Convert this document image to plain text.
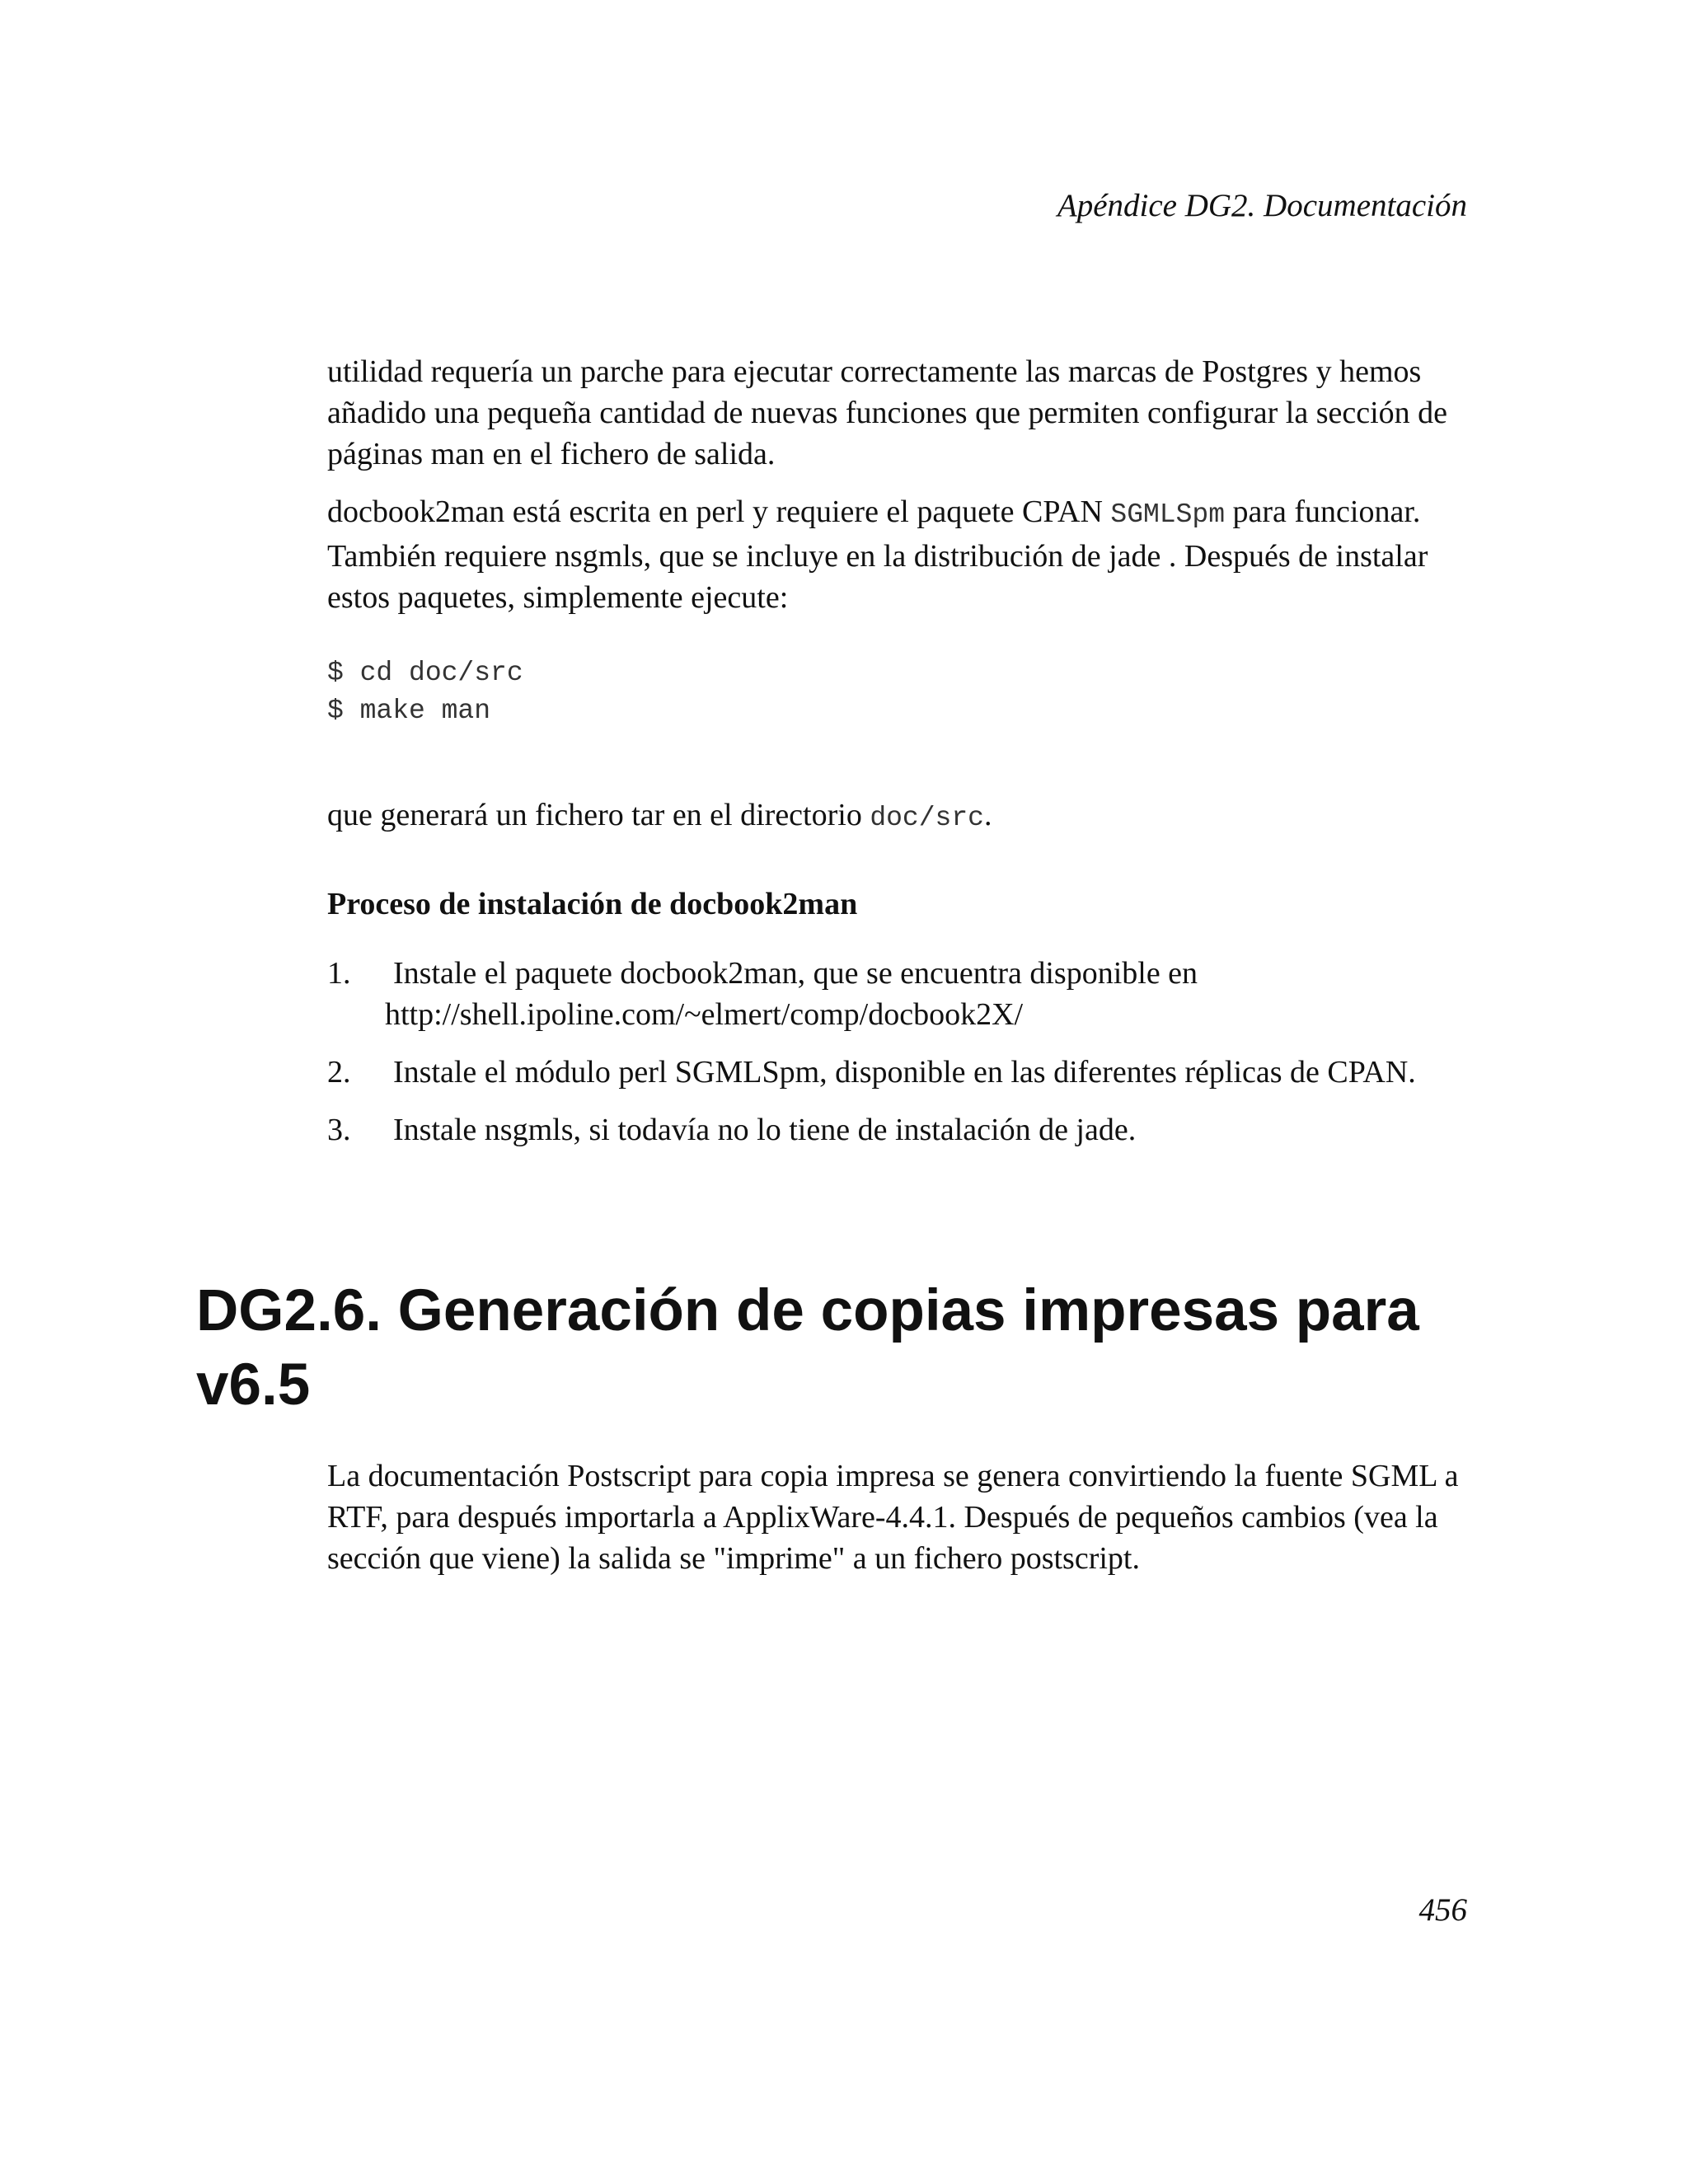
Apéndice DG2. Documentación

utilidad requería un parche para ejecutar correctamente las marcas de Postgres y hemos añadido una pequeña cantidad de nuevas funciones que permiten configurar la sección de páginas man en el fichero de salida.

docbook2man está escrita en perl y requiere el paquete CPAN SGMLSpm para funcionar. También requiere nsgmls, que se incluye en la distribución de jade . Después de instalar estos paquetes, simplemente ejecute:

$ cd doc/src
$ make man

que generará un fichero tar en el directorio doc/src.

Proceso de instalación de docbook2man
1. Instale el paquete docbook2man, que se encuentra disponible en
http://shell.ipoline.com/~elmert/comp/docbook2X/
2. Instale el módulo perl SGMLSpm, disponible en las diferentes réplicas de CPAN.
3. Instale nsgmls, si todavía no lo tiene de instalación de jade.
DG2.6. Generación de copias impresas para v6.5

La documentación Postscript para copia impresa se genera convirtiendo la fuente SGML a RTF, para después importarla a ApplixWare-4.4.1. Después de pequeños cambios (vea la sección que viene) la salida se "imprime" a un fichero postscript.

456
